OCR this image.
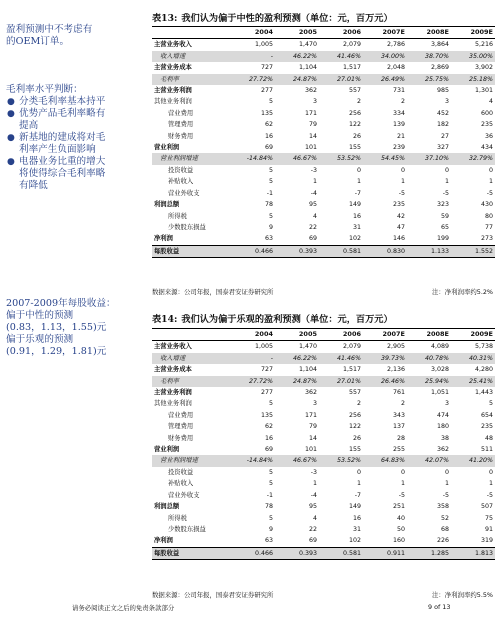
盈利预测中不考虑有
的OEM订单。

毛利率水平判断：

● 分类毛利率基本持平
● 优势产品毛利率略有
提高
● 新基地的建成将对毛
利率产生负面影响
● 电器业务比重的增大
将使得综合毛利率略
有降低
2007-2009年每股收益：
偏于中性的预测
(0.83，1.13，1.55)元
偏于乐观的预测
(0.91，1.29，1.81)元
表13: 我们认为偏于中性的盈利预测（单位：元，百万元）
	2004	2005	2006	2007E	2008E	2009E
主营业务收入	1,005	1,470	2,079	2,786	3,864	5,216
收入增速	-	46.22%	41.46%	34.00%	38.70%	35.00%
主营业务成本	727	1,104	1,517	2,048	2,869	3,902
毛利率	27.72%	24.87%	27.01%	26.49%	25.75%	25.18%
主营业务利润	277	362	557	731	985	1,301
其他业务利润	5	3	2	2	3	4
营业费用	135	171	256	334	452	600
管理费用	62	79	122	139	182	235
财务费用	16	14	26	21	27	36
营业利润	69	101	155	239	327	434
营业利润增速	-14.84%	46.67%	53.52%	54.45%	37.10%	32.79%
投资收益	5	-3	0	0	0	0
补贴收入	5	1	1	1	1	1
营业外收支	-1	-4	-7	-5	-5	-5
利润总额	78	95	149	235	323	430
所得税	5	4	16	42	59	80
少数股东损益	9	22	31	47	65	77
净利润	63	69	102	146	199	273
每股收益	0.466	0.393	0.581	0.830	1.133	1.552
数据来源：公司年报，国泰君安证券研究所	注：净利润率约5.2%
表14: 我们认为偏于乐观的盈利预测（单位：元，百万元）
	2004	2005	2006	2007E	2008E	2009E
主营业务收入	1,005	1,470	2,079	2,905	4,089	5,738
收入增速	-	46.22%	41.46%	39.73%	40.78%	40.31%
主营业务成本	727	1,104	1,517	2,136	3,028	4,280
毛利率	27.72%	24.87%	27.01%	26.46%	25.94%	25.41%
主营业务利润	277	362	557	761	1,051	1,443
其他业务利润	5	3	2	2	3	5
营业费用	135	171	256	343	474	654
管理费用	62	79	122	137	180	235
财务费用	16	14	26	28	38	48
营业利润	69	101	155	255	362	511
营业利润增速	-14.84%	46.67%	53.52%	64.83%	42.07%	41.20%
投资收益	5	-3	0	0	0	0
补贴收入	5	1	1	1	1	1
营业外收支	-1	-4	-7	-5	-5	-5
利润总额	78	95	149	251	358	507
所得税	5	4	16	40	52	75
少数股东损益	9	22	31	50	68	91
净利润	63	69	102	160	226	319
每股收益	0.466	0.393	0.581	0.911	1.285	1.813
数据来源：公司年报，国泰君安证券研究所	注：净利润率约5.5%
请务必阅读正文之后的免责条款部分	9 of 13
